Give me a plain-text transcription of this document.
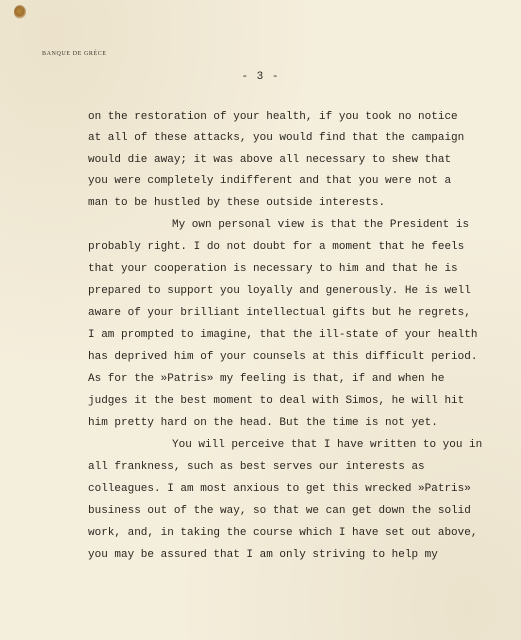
BANQUE DE GRÈCE
- 3 -
on the restoration of your health, if you took no notice
at all of these attacks, you would find that the campaign
would die away; it was above all necessary to shew that
you were completely indifferent and that you were not a
man to be hustled by these outside interests.
My own personal view is that the President is
probably right. I do not doubt for a moment that he feels
that your cooperation is necessary to him and that he is
prepared to support you loyally and generously. He is well
aware of your brilliant intellectual gifts but he regrets,
I am prompted to imagine, that the ill-state of your health
has deprived him of your counsels at this difficult period.
As for the »Patris» my feeling is that, if and when he
judges it the best moment to deal with Simos, he will hit
him pretty hard on the head. But the time is not yet.
You will perceive that I have written to you in
all frankness, such as best serves our interests as
colleagues. I am most anxious to get this wrecked »Patris»
business out of the way, so that we can get down the solid
work, and, in taking the course which I have set out above,
you may be assured that I am only striving to help my
